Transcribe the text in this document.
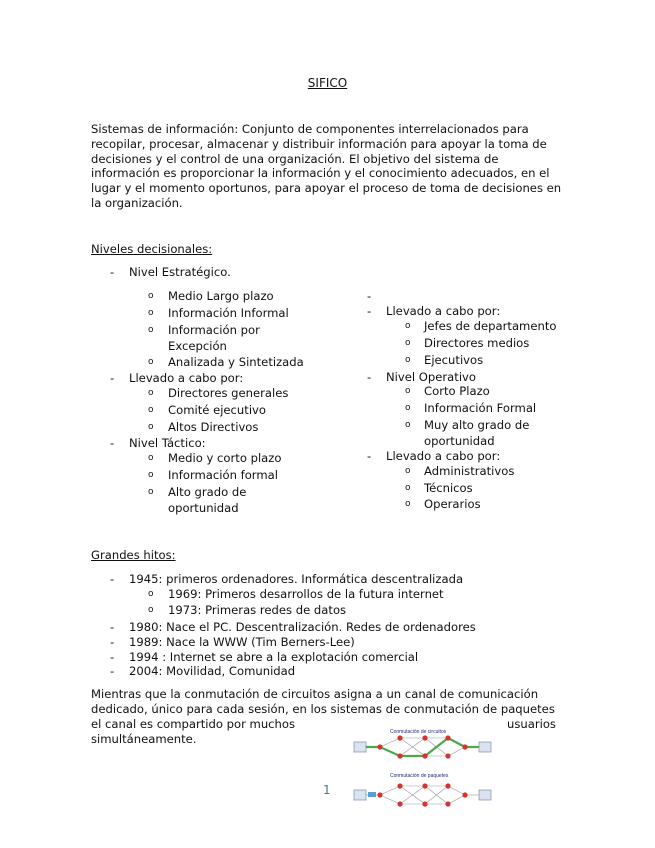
SIFICO
Sistemas de información: Conjunto de componentes interrelacionados para recopilar, procesar, almacenar y distribuir información para apoyar la toma de decisiones y el control de una organización. El objetivo del sistema de información es proporcionar la información y el conocimiento adecuados, en el lugar y el momento oportunos, para apoyar el proceso de toma de decisiones en la organización.
Niveles decisionales:
- Nivel Estratégico.
o Medio Largo plazo
o Información Informal
o Información por
Excepción
o Analizada y Sintetizada
- Llevado a cabo por:
o Directores generales
o Comité ejecutivo
o Altos Directivos
- Nivel Táctico:
o Medio y corto plazo
o Información formal
o Alto grado de
oportunidad
-
- Llevado a cabo por:
o Jefes de departamento
o Directores medios
o Ejecutivos
- Nivel Operativo
o Corto Plazo
o Información Formal
o Muy alto grado de
oportunidad
- Llevado a cabo por:
o Administrativos
o Técnicos
o Operarios
Grandes hitos:
- 1945: primeros ordenadores. Informática descentralizada
o 1969: Primeros desarrollos de la futura internet
o 1973: Primeras redes de datos
- 1980: Nace el PC. Descentralización. Redes de ordenadores
- 1989: Nace la WWW (Tim Berners-Lee)
- 1994 : Internet se abre a la explotación comercial
- 2004: Movilidad, Comunidad
Mientras que la conmutación de circuitos asigna a un canal de comunicación
dedicado, único para cada sesión, en los sistemas de conmutación de paquetes
el canal es compartido por muchos	usuarios
simultáneamente.	Conmutación de circuitos
Conmutación de paquetes
1
